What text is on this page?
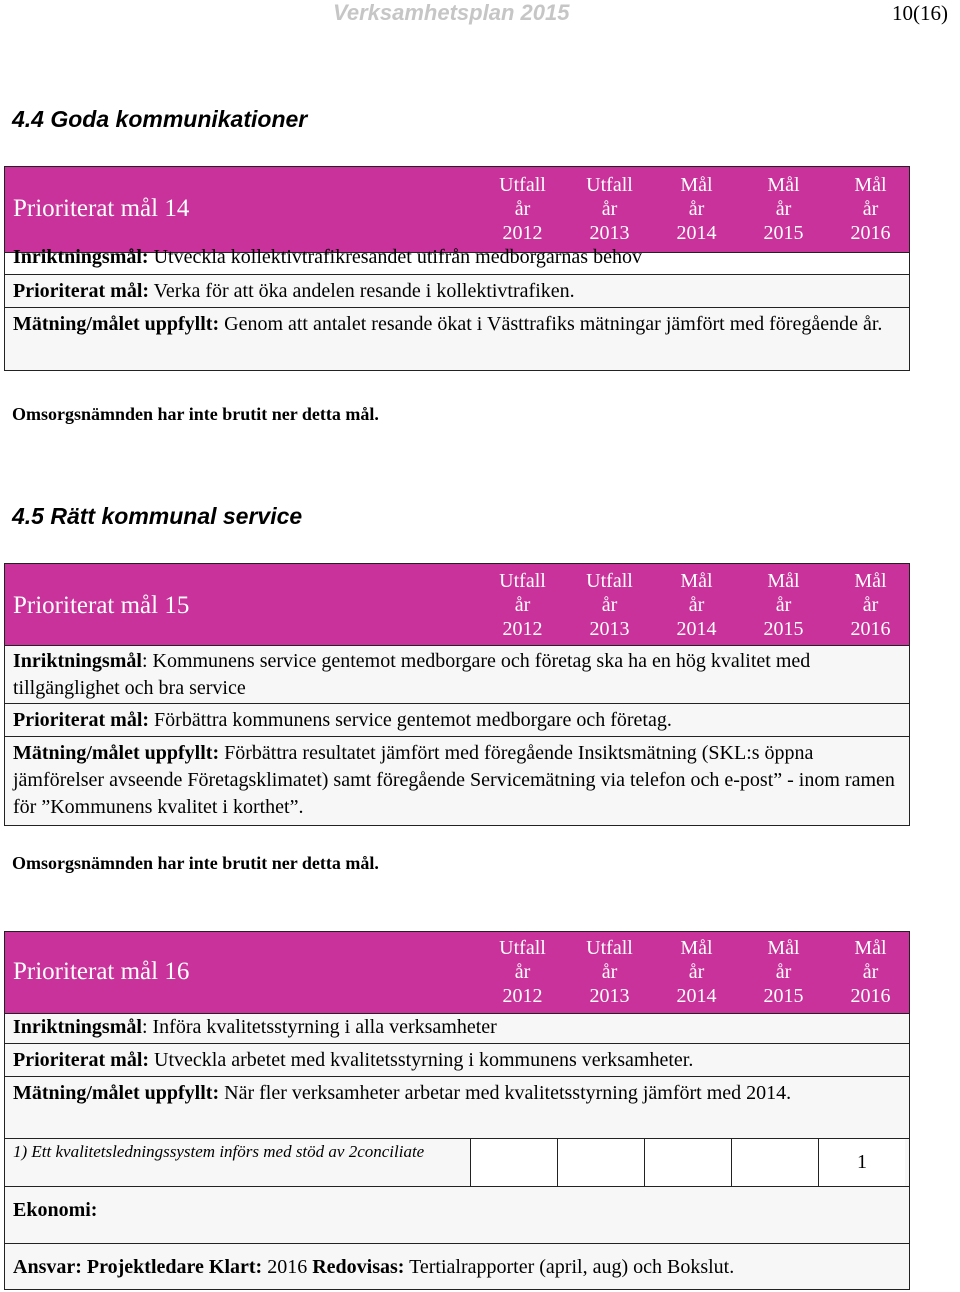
Verksamhetsplan 2015	10(16)
4.4 Goda kommunikationer
Prioriterat mål 14
Utfall
år
2012
Utfall
år
2013
Mål
år
2014
Mål
år
2015
Mål
år
2016
Inriktningsmål: Utveckla kollektivtrafikresandet utifrån medborgarnas behov
Prioriterat mål: Verka för att öka andelen resande i kollektivtrafiken.
Mätning/målet uppfyllt: Genom att antalet resande ökat i Västtrafiks mätningar jämfört med föregående år.
Omsorgsnämnden har inte brutit ner detta mål.
4.5 Rätt kommunal service
Prioriterat mål 15
Utfall
år
2012
Utfall
år
2013
Mål
år
2014
Mål
år
2015
Mål
år
2016
Inriktningsmål: Kommunens service gentemot medborgare och företag ska ha en hög kvalitet med tillgänglighet och bra service
Prioriterat mål: Förbättra kommunens service gentemot medborgare och företag.
Mätning/målet uppfyllt: Förbättra resultatet jämfört med föregående Insiktsmätning (SKL:s öppna jämförelser avseende Företagsklimatet) samt föregående Servicemätning via telefon och e-post” - inom ramen för ”Kommunens kvalitet i korthet”.
Omsorgsnämnden har inte brutit ner detta mål.
Prioriterat mål 16
Utfall
år
2012
Utfall
år
2013
Mål
år
2014
Mål
år
2015
Mål
år
2016
Inriktningsmål: Införa kvalitetsstyrning i alla verksamheter
Prioriterat mål: Utveckla arbetet med kvalitetsstyrning i kommunens verksamheter.
Mätning/målet uppfyllt: När fler verksamheter arbetar med kvalitetsstyrning jämfört med 2014.
1) Ett kvalitetsledningssystem införs med stöd av 2conciliate	1
Ekonomi:
Ansvar: Projektledare Klart: 2016 Redovisas: Tertialrapporter (april, aug) och Bokslut.
